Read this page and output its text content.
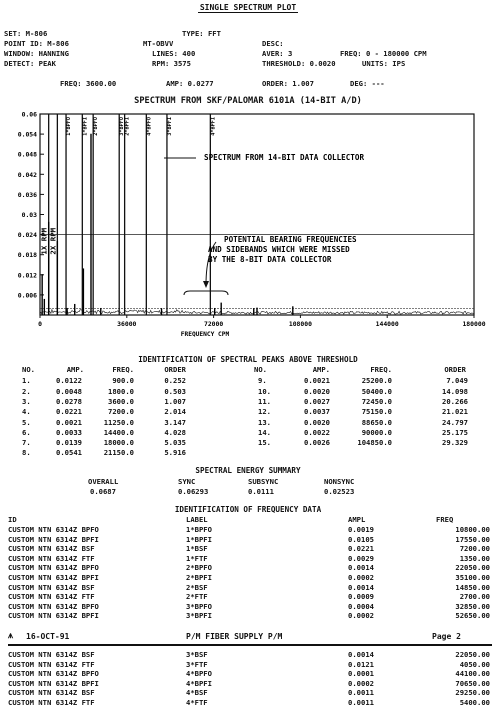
SINGLE SPECTRUM PLOT
SET: M-806	TYPE: FFT
POINT ID: M-806	MT-OBVV	DESC:
WINDOW: HANNING	LINES: 400	AVER: 3	FREQ: 0 - 180000 CPM
DETECT: PEAK	RPM: 3575	THRESHOLD: 0.0020	UNITS: IPS
FREQ: 3600.00	AMP: 0.0277	ORDER: 1.007	DEG: ---
SPECTRUM FROM SKF/PALOMAR 6101A (14-BIT A/D)
0.06
0.054
0.048
0.042
0.036
0.03
0.024
0.018
0.012
0.006
0	36000	72000	108000	144000	180000
FREQUENCY CPM
1X RPM 2X RPM
1*BPFO 1*BPFI 2*BPFO	3*BPFO 2*BPFI	4*BPFO	3*BPFI	4*BPFI
SPECTRUM FROM 14-BIT DATA COLLECTOR
POTENTIAL BEARING FREQUENCIES
AND SIDEBANDS WHICH WERE MISSED
BY THE 8-BIT DATA COLLECTOR
IDENTIFICATION OF SPECTRAL PEAKS ABOVE THRESHOLD
NO.	AMP.	FREQ.	ORDER	NO.	AMP.	FREQ.	ORDER
1.	0.0122	900.0	0.252
2.	0.0048	1800.0	0.503
3.	0.0278	3600.0	1.007
4.	0.0221	7200.0	2.014
5.	0.0021	11250.0	3.147
6.	0.0033	14400.0	4.028
7.	0.0139	18000.0	5.035
8.	0.0541	21150.0	5.916
9.	0.0021	25200.0	7.049
10.	0.0020	50400.0	14.098
11.	0.0027	72450.0	20.266
12.	0.0037	75150.0	21.021
13.	0.0020	88650.0	24.797
14.	0.0022	90000.0	25.175
15.	0.0026	104850.0	29.329
SPECTRAL ENERGY SUMMARY
OVERALL	SYNC	SUBSYNC	NONSYNC
0.0687	0.06293	0.0111	0.02523
IDENTIFICATION OF FREQUENCY DATA
ID	LABEL	AMPL	FREQ
CUSTOM NTN 6314Z BPFO	1*BPFO	0.0019	10800.00
CUSTOM NTN 6314Z BPFI	1*BPFI	0.0105	17550.00
CUSTOM NTN 6314Z BSF	1*BSF	0.0221	7200.00
CUSTOM NTN 6314Z FTF	1*FTF	0.0029	1350.00
CUSTOM NTN 6314Z BPFO	2*BPFO	0.0014	22050.00
CUSTOM NTN 6314Z BPFI	2*BPFI	0.0002	35100.00
CUSTOM NTN 6314Z BSF	2*BSF	0.0014	14850.00
CUSTOM NTN 6314Z FTF	2*FTF	0.0009	2700.00
CUSTOM NTN 6314Z BPFO	3*BPFO	0.0004	32850.00
CUSTOM NTN 6314Z BPFI	3*BPFI	0.0002	52650.00
⩚ 16-OCT-91	P/M FIBER SUPPLY P/M	Page 2
CUSTOM NTN 6314Z BSF	3*BSF	0.0014	22050.00
CUSTOM NTN 6314Z FTF	3*FTF	0.0121	4050.00
CUSTOM NTN 6314Z BPFO	4*BPFO	0.0001	44100.00
CUSTOM NTN 6314Z BPFI	4*BPFI	0.0002	70650.00
CUSTOM NTN 6314Z BSF	4*BSF	0.0011	29250.00
CUSTOM NTN 6314Z FTF	4*FTF	0.0011	5400.00
